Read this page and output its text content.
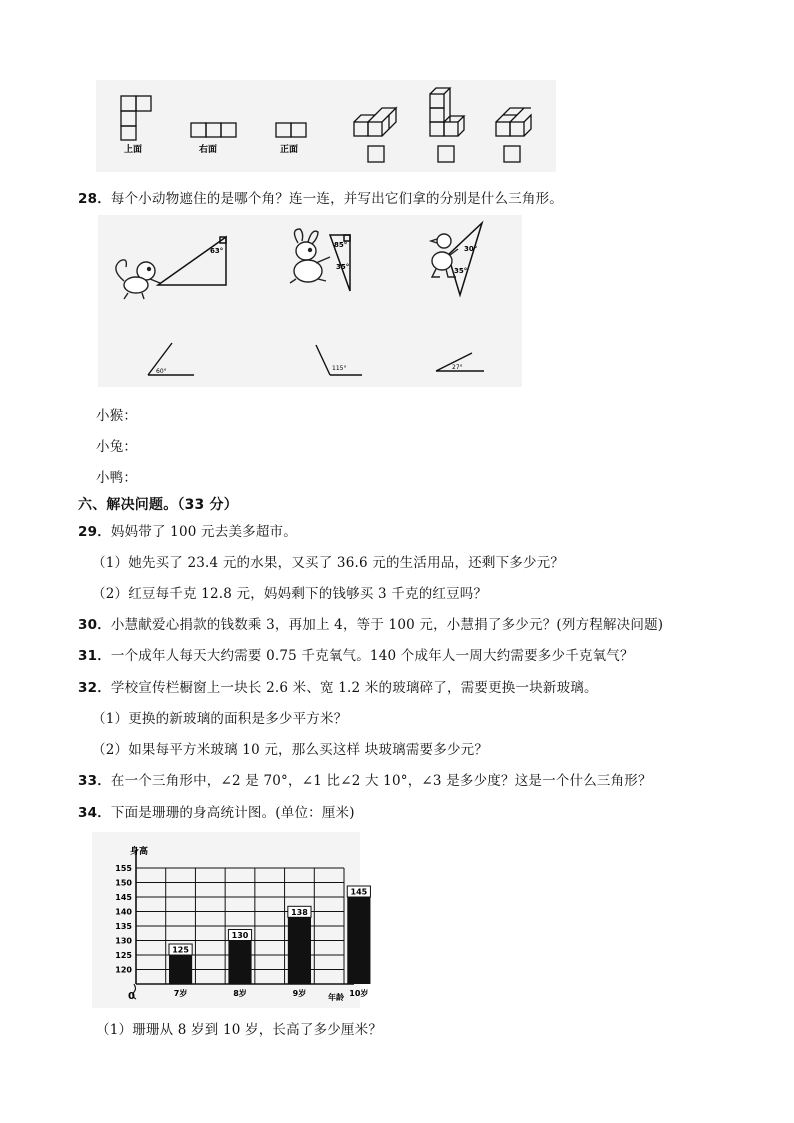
上面	右面	正面
28．每个小动物遮住的是哪个角？连一连，并写出它们拿的分别是什么三角形。
63°
85°
35°
30°
35°
60°	115°	27°
小猴：
小兔：
小鸭：
六、解决问题。（33 分）
29．妈妈带了 100 元去美多超市。
（1）她先买了 23.4 元的水果，又买了 36.6 元的生活用品，还剩下多少元？
（2）红豆每千克 12.8 元，妈妈剩下的钱够买 3 千克的红豆吗？
30．小慧献爱心捐款的钱数乘 3，再加上 4，等于 100 元，小慧捐了多少元？(列方程解决问题)
31．一个成年人每天大约需要 0.75 千克氧气。140 个成年人一周大约需要多少千克氧气？
32．学校宣传栏橱窗上一块长 2.6 米、宽 1.2 米的玻璃碎了，需要更换一块新玻璃。
（1）更换的新玻璃的面积是多少平方米？
（2）如果每平方米玻璃 10 元，那么买这样 块玻璃需要多少元？
33．在一个三角形中，∠2 是 70°，∠1 比∠2 大 10°，∠3 是多少度？这是一个什么三角形？
34．下面是珊珊的身高统计图。(单位：厘米)
120
125
130
135
140
145
150
155
125
7岁
130
8岁
138
9岁
145
10岁
身高
年龄
0
（1）珊珊从 8 岁到 10 岁，长高了多少厘米？
